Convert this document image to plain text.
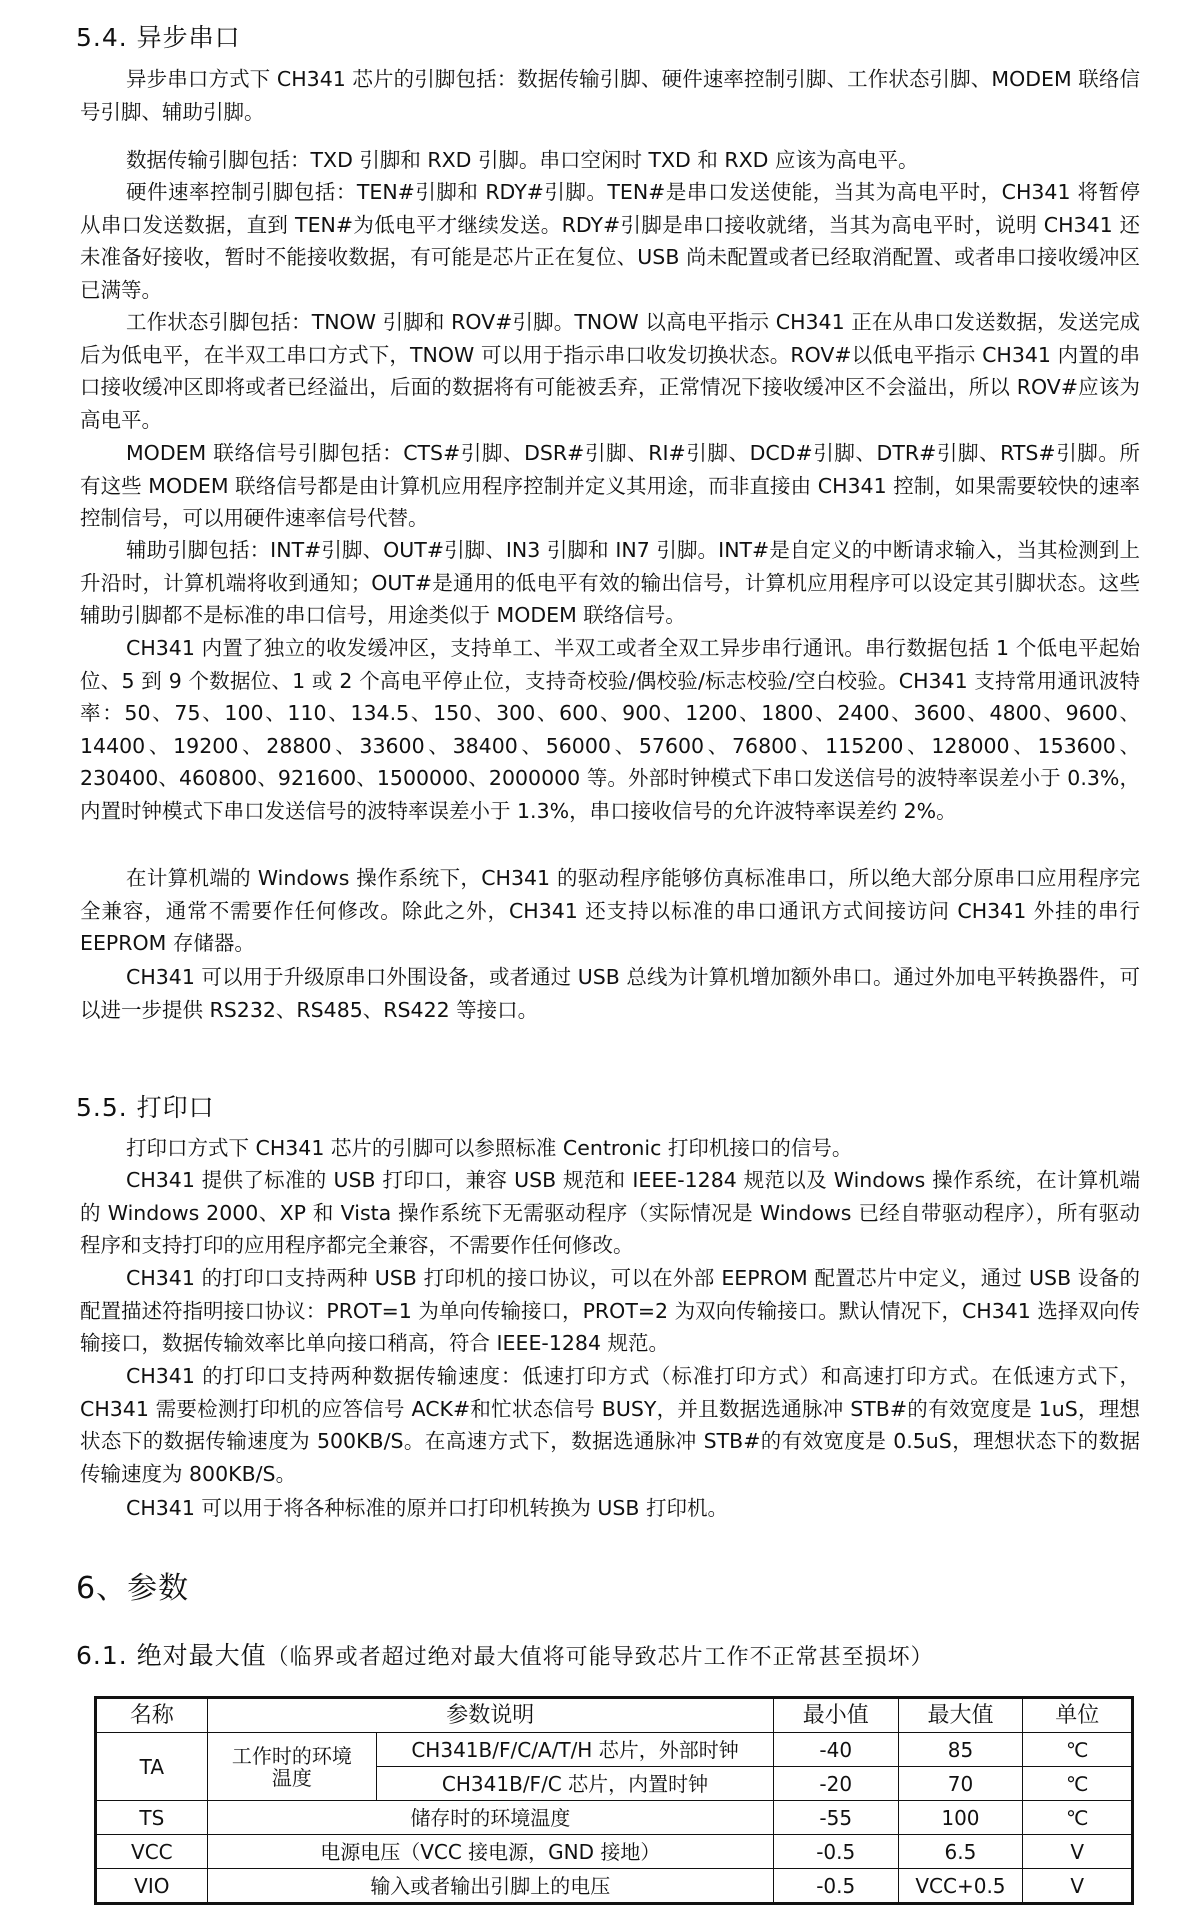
5.4. 异步串口

异步串口方式下 CH341 芯片的引脚包括：数据传输引脚、硬件速率控制引脚、工作状态引脚、MODEM 联络信号引脚、辅助引脚。

数据传输引脚包括：TXD 引脚和 RXD 引脚。串口空闲时 TXD 和 RXD 应该为高电平。

硬件速率控制引脚包括：TEN#引脚和 RDY#引脚。TEN#是串口发送使能，当其为高电平时，CH341 将暂停从串口发送数据，直到 TEN#为低电平才继续发送。RDY#引脚是串口接收就绪，当其为高电平时，说明 CH341 还未准备好接收，暂时不能接收数据，有可能是芯片正在复位、USB 尚未配置或者已经取消配置、或者串口接收缓冲区已满等。

工作状态引脚包括：TNOW 引脚和 ROV#引脚。TNOW 以高电平指示 CH341 正在从串口发送数据，发送完成后为低电平，在半双工串口方式下，TNOW 可以用于指示串口收发切换状态。ROV#以低电平指示 CH341 内置的串口接收缓冲区即将或者已经溢出，后面的数据将有可能被丢弃，正常情况下接收缓冲区不会溢出，所以 ROV#应该为高电平。

MODEM 联络信号引脚包括：CTS#引脚、DSR#引脚、RI#引脚、DCD#引脚、DTR#引脚、RTS#引脚。所有这些 MODEM 联络信号都是由计算机应用程序控制并定义其用途，而非直接由 CH341 控制，如果需要较快的速率控制信号，可以用硬件速率信号代替。

辅助引脚包括：INT#引脚、OUT#引脚、IN3 引脚和 IN7 引脚。INT#是自定义的中断请求输入，当其检测到上升沿时，计算机端将收到通知；OUT#是通用的低电平有效的输出信号，计算机应用程序可以设定其引脚状态。这些辅助引脚都不是标准的串口信号，用途类似于 MODEM 联络信号。

CH341 内置了独立的收发缓冲区，支持单工、半双工或者全双工异步串行通讯。串行数据包括 1 个低电平起始位、5 到 9 个数据位、1 或 2 个高电平停止位，支持奇校验/偶校验/标志校验/空白校验。CH341 支持常用通讯波特率：50、75、100、110、134.5、150、300、600、900、1200、1800、2400、3600、4800、9600、14400、19200、28800、33600、38400、56000、57600、76800、115200、128000、153600、230400、460800、921600、1500000、2000000 等。外部时钟模式下串口发送信号的波特率误差小于 0.3%，内置时钟模式下串口发送信号的波特率误差小于 1.3%，串口接收信号的允许波特率误差约 2%。

在计算机端的 Windows 操作系统下，CH341 的驱动程序能够仿真标准串口，所以绝大部分原串口应用程序完全兼容，通常不需要作任何修改。除此之外，CH341 还支持以标准的串口通讯方式间接访问 CH341 外挂的串行 EEPROM 存储器。

CH341 可以用于升级原串口外围设备，或者通过 USB 总线为计算机增加额外串口。通过外加电平转换器件，可以进一步提供 RS232、RS485、RS422 等接口。

5.5. 打印口

打印口方式下 CH341 芯片的引脚可以参照标准 Centronic 打印机接口的信号。

CH341 提供了标准的 USB 打印口，兼容 USB 规范和 IEEE-1284 规范以及 Windows 操作系统，在计算机端的 Windows 2000、XP 和 Vista 操作系统下无需驱动程序（实际情况是 Windows 已经自带驱动程序），所有驱动程序和支持打印的应用程序都完全兼容，不需要作任何修改。

CH341 的打印口支持两种 USB 打印机的接口协议，可以在外部 EEPROM 配置芯片中定义，通过 USB 设备的配置描述符指明接口协议：PROT=1 为单向传输接口，PROT=2 为双向传输接口。默认情况下，CH341 选择双向传输接口，数据传输效率比单向接口稍高，符合 IEEE-1284 规范。

CH341 的打印口支持两种数据传输速度：低速打印方式（标准打印方式）和高速打印方式。在低速方式下，CH341 需要检测打印机的应答信号 ACK#和忙状态信号 BUSY，并且数据选通脉冲 STB#的有效宽度是 1uS，理想状态下的数据传输速度为 500KB/S。在高速方式下，数据选通脉冲 STB#的有效宽度是 0.5uS，理想状态下的数据传输速度为 800KB/S。

CH341 可以用于将各种标准的原并口打印机转换为 USB 打印机。

6、参数
6.1. 绝对最大值（临界或者超过绝对最大值将可能导致芯片工作不正常甚至损坏）
名称	参数说明		最小值	最大值	单位
TA	工作时的环境温度	CH341B/F/C/A/T/H 芯片，外部时钟	-40	85	℃
		CH341B/F/C 芯片，内置时钟	-20	70	℃
TS	储存时的环境温度		-55	100	℃
VCC	电源电压（VCC 接电源，GND 接地）		-0.5	6.5	V
VIO	输入或者输出引脚上的电压		-0.5	VCC+0.5	V
